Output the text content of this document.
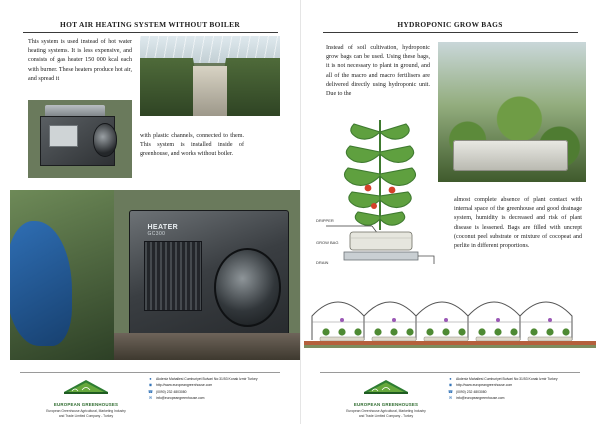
HOT AIR HEATING SYSTEM WITHOUT BOILER
This system is used instead of hot water heating systems. It is less expensive, and consists of gas heater 150 000 kcal each with burner. These heaters produce hot air, and spread it
with plastic channels, connected to them. This system is installed inside of greenhouse, and works without boiler.
HEATER
GC300
EUROPEAN GREENHOUSES
European Greenhouse Agricultural, Marketing Industry and Trade Limited Company - Turkey
●	Akdeniz Mahallesi Cumhuriyet Bulvari No:31/53 Konak Izmir Turkey
◉ http://www.europeangreenhouse.com
☎ (0090) 232 4803080
✉ info@europeangreenhouse.com
HYDROPONIC GROW BAGS
Instead of soil cultivation, hydroponic grow bags can be used. Using these bags, it is not necessary to plant in ground, and all of the macro and macro fertilisers are delivered directly using hydroponic unit. Due to the
almost complete absence of plant contact with internal space of the greenhouse and good drainage system, humidity is decreased and risk of plant disease is lessened. Bags are filled with uncrept (coconut peel substrate or mixture of cocopeat and perlite in different proportions.
DRIPPER
GROW BAG
DRAIN
EUROPEAN GREENHOUSES
European Greenhouse Agricultural, Marketing Industry and Trade Limited Company - Turkey
●	Akdeniz Mahallesi Cumhuriyet Bulvari No:31/53 Konak Izmir Turkey
◉ http://www.europeangreenhouse.com
☎ (0090) 232 4803080
✉ info@europeangreenhouse.com
